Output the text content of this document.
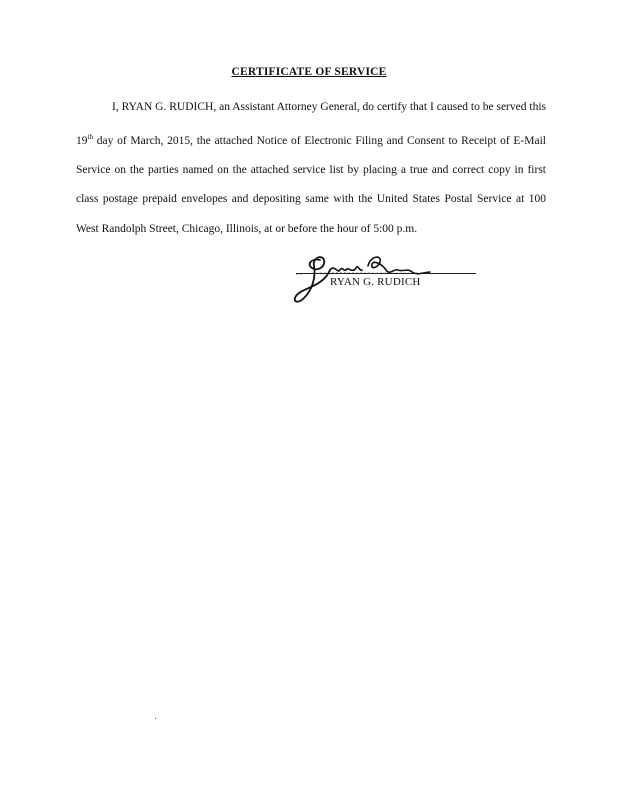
CERTIFICATE OF SERVICE

I, RYAN G. RUDICH, an Assistant Attorney General, do certify that I caused to be served this 19th day of March, 2015, the attached Notice of Electronic Filing and Consent to Receipt of E-Mail Service on the parties named on the attached service list by placing a true and correct copy in first class postage prepaid envelopes and depositing same with the United States Postal Service at 100 West Randolph Street, Chicago, Illinois, at or before the hour of 5:00 p.m.

RYAN G. RUDICH
